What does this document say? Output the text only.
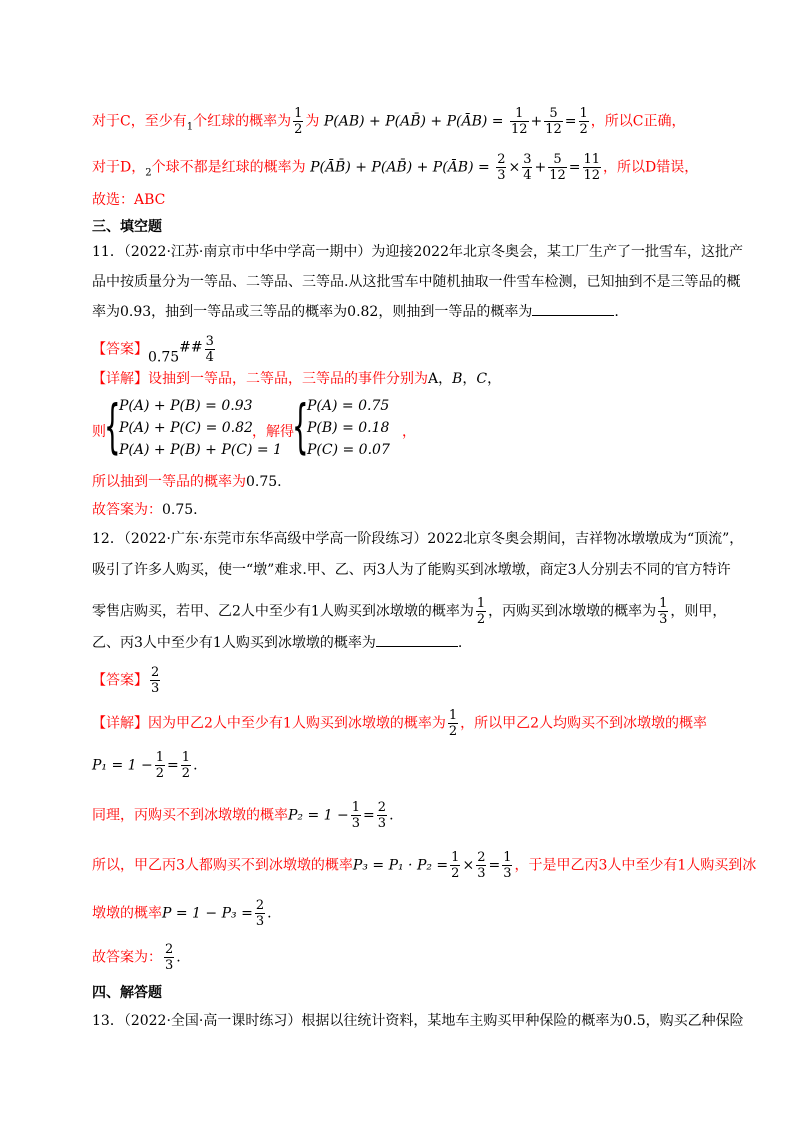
对于C，至少有$_1$个红球的概率为 $\frac{1}{2}$ 为 P(AB) + P(AB̄) + P(ĀB) = $\frac{1}{12} + \frac{5}{12} = \frac{1}{2}$ ，所以C正确，
对于D，$_2$个球不都是红球的概率为 P(ĀB̄) + P(AB̄) + P(ĀB) = $\frac{2}{3} \times \frac{3}{4} + \frac{5}{12} = \frac{11}{12}$ ，所以D错误，
故选：ABC
三、填空题
11．（2022·江苏·南京市中华中学高一期中）为迎接2022年北京冬奥会，某工厂生产了一批雪车，这批产
品中按质量分为一等品、二等品、三等品.从这批雪车中随机抽取一件雪车检测，已知抽到不是三等品的概
率为0.93，抽到一等品或三等品的概率为0.82，则抽到一等品的概率为	.
【答案】0.75## $\frac{3}{4}$
【详解】设抽到一等品，二等品，三等品的事件分别为A，B，C，
则
{
P(A) + P(B) = 0.93
P(A) + P(C) = 0.82
P(A) + P(B) + P(C) = 1
，解得
{
P(A) = 0.75
P(B) = 0.18
P(C) = 0.07
，
所以抽到一等品的概率为0.75.
故答案为：0.75.
12．（2022·广东·东莞市东华高级中学高一阶段练习）2022北京冬奥会期间，吉祥物冰墩墩成为“顶流”，
吸引了许多人购买，使一“墩”难求.甲、乙、丙3人为了能购买到冰墩墩，商定3人分别去不同的官方特许
零售店购买，若甲、乙2人中至少有1人购买到冰墩墩的概率为 $\frac{1}{2}$ ，丙购买到冰墩墩的概率为 $\frac{1}{3}$ ，则甲，
乙、丙3人中至少有1人购买到冰墩墩的概率为	.
【答案】 $\frac{2}{3}$
【详解】因为甲乙2人中至少有1人购买到冰墩墩的概率为 $\frac{1}{2}$ ，所以甲乙2人均购买不到冰墩墩的概率
$P_1 = 1 - \frac{1}{2} = \frac{1}{2}$ .
同理，丙购买不到冰墩墩的概率$P_2 = 1 - \frac{1}{3} = \frac{2}{3}$ .
所以，甲乙丙3人都购买不到冰墩墩的概率$P_3 = P_1 \cdot P_2 = \frac{1}{2} \times \frac{2}{3} = \frac{1}{3}$ ，于是甲乙丙3人中至少有1人购买到冰
墩墩的概率$P = 1 - P_3 = \frac{2}{3}$ .
故答案为： $\frac{2}{3}$ .
四、解答题
13．（2022·全国·高一课时练习）根据以往统计资料，某地车主购买甲种保险的概率为0.5，购买乙种保险
